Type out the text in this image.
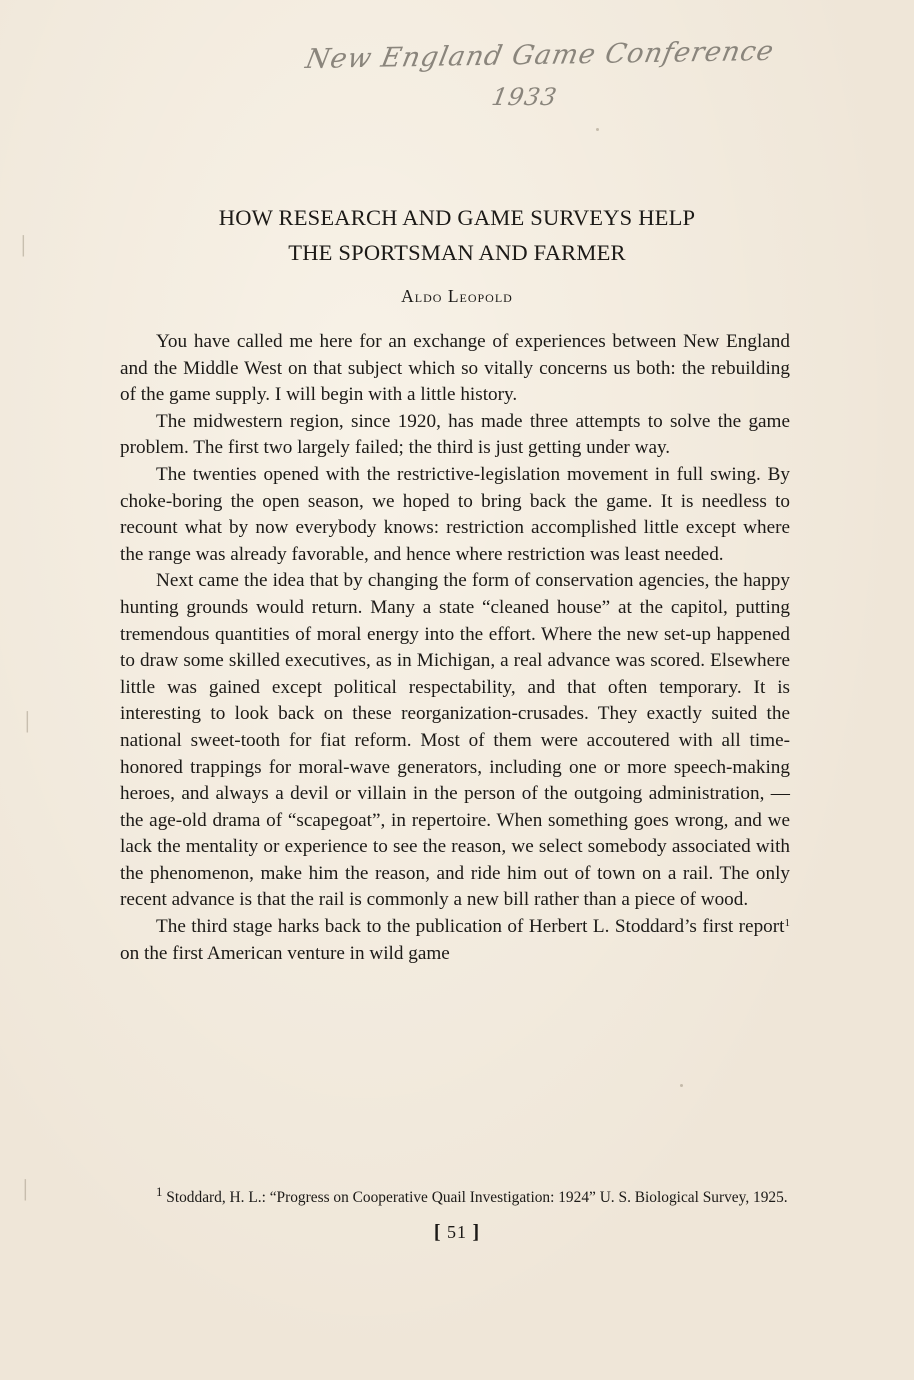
New England Game Conference
1933
HOW RESEARCH AND GAME SURVEYS HELP
THE SPORTSMAN AND FARMER
Aldo Leopold

You have called me here for an exchange of experiences between New England and the Middle West on that subject which so vitally concerns us both: the rebuilding of the game supply. I will begin with a little history.

The midwestern region, since 1920, has made three attempts to solve the game problem. The first two largely failed; the third is just getting under way.

The twenties opened with the restrictive-legislation movement in full swing. By choke-boring the open season, we hoped to bring back the game. It is needless to recount what by now everybody knows: restriction accomplished little except where the range was already favorable, and hence where restriction was least needed.

Next came the idea that by changing the form of conservation agencies, the happy hunting grounds would return. Many a state “cleaned house” at the capitol, putting tremendous quantities of moral energy into the effort. Where the new set-up happened to draw some skilled executives, as in Michigan, a real advance was scored. Elsewhere little was gained except political respectability, and that often temporary. It is interesting to look back on these reorganization-crusades. They exactly suited the national sweet-tooth for fiat reform. Most of them were accoutered with all time-honored trappings for moral-wave generators, including one or more speech-making heroes, and always a devil or villain in the person of the outgoing administration, — the age-old drama of “scapegoat”, in repertoire. When something goes wrong, and we lack the mentality or experience to see the reason, we select somebody associated with the phenomenon, make him the reason, and ride him out of town on a rail. The only recent advance is that the rail is commonly a new bill rather than a piece of wood.

The third stage harks back to the publication of Herbert L. Stoddard’s first report$^1$ on the first American venture in wild game

$^1$ Stoddard, H. L.: “Progress on Cooperative Quail Investigation: 1924” U. S. Biological Survey, 1925.
[ 51 ]
│
│
│
